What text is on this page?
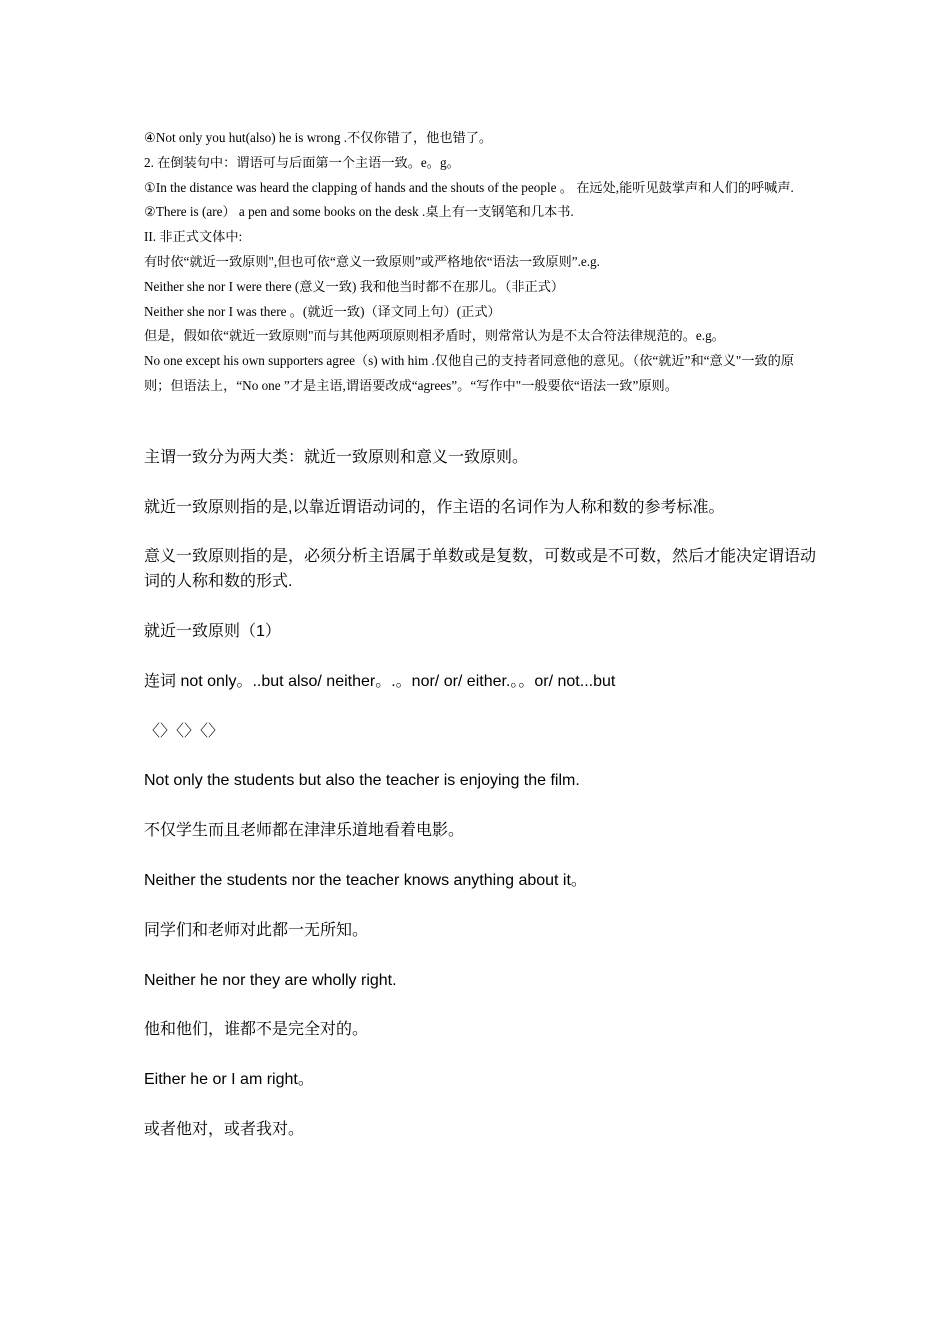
④Not only you hut(also) he is wrong .不仅你错了，他也错了。

2. 在倒装句中：谓语可与后面第一个主语一致。e。g。

①In the distance was heard the clapping of hands and the shouts of the people 。 在远处,能听见鼓掌声和人们的呼喊声.

②There is (are） a pen and some books on the desk .桌上有一支钢笔和几本书.

II. 非正式文体中:

有时依“就近一致原则",但也可依“意义一致原则”或严格地依“语法一致原则”.e.g.

Neither she nor I were there (意义一致) 我和他当时都不在那儿。（非正式）

Neither she nor I was there 。(就近一致)（译文同上句）(正式）

但是，假如依“就近一致原则"而与其他两项原则相矛盾时，则常常认为是不太合符法律规范的。e.g。

No one except his own supporters agree（s) with him .仅他自己的支持者同意他的意见。（依“就近”和“意义"一致的原则；但语法上，“No one ”才是主语,谓语要改成“agrees”。“写作中"一般要依“语法一致”原则。

主谓一致分为两大类：就近一致原则和意义一致原则。

就近一致原则指的是,以靠近谓语动词的，作主语的名词作为人称和数的参考标准。

意义一致原则指的是，必须分析主语属于单数或是复数，可数或是不可数，然后才能决定谓语动词的人称和数的形式.

就近一致原则（1）

连词 not only。..but also/ neither。.。nor/ or/ either.。。or/ not...but

〈〉〈〉〈〉

Not only the students but also the teacher is enjoying the film.

不仅学生而且老师都在津津乐道地看着电影。

Neither the students nor the teacher knows anything about it。

同学们和老师对此都一无所知。

Neither he nor they are wholly right.

他和他们，谁都不是完全对的。

Either he or I am right。

或者他对，或者我对。
